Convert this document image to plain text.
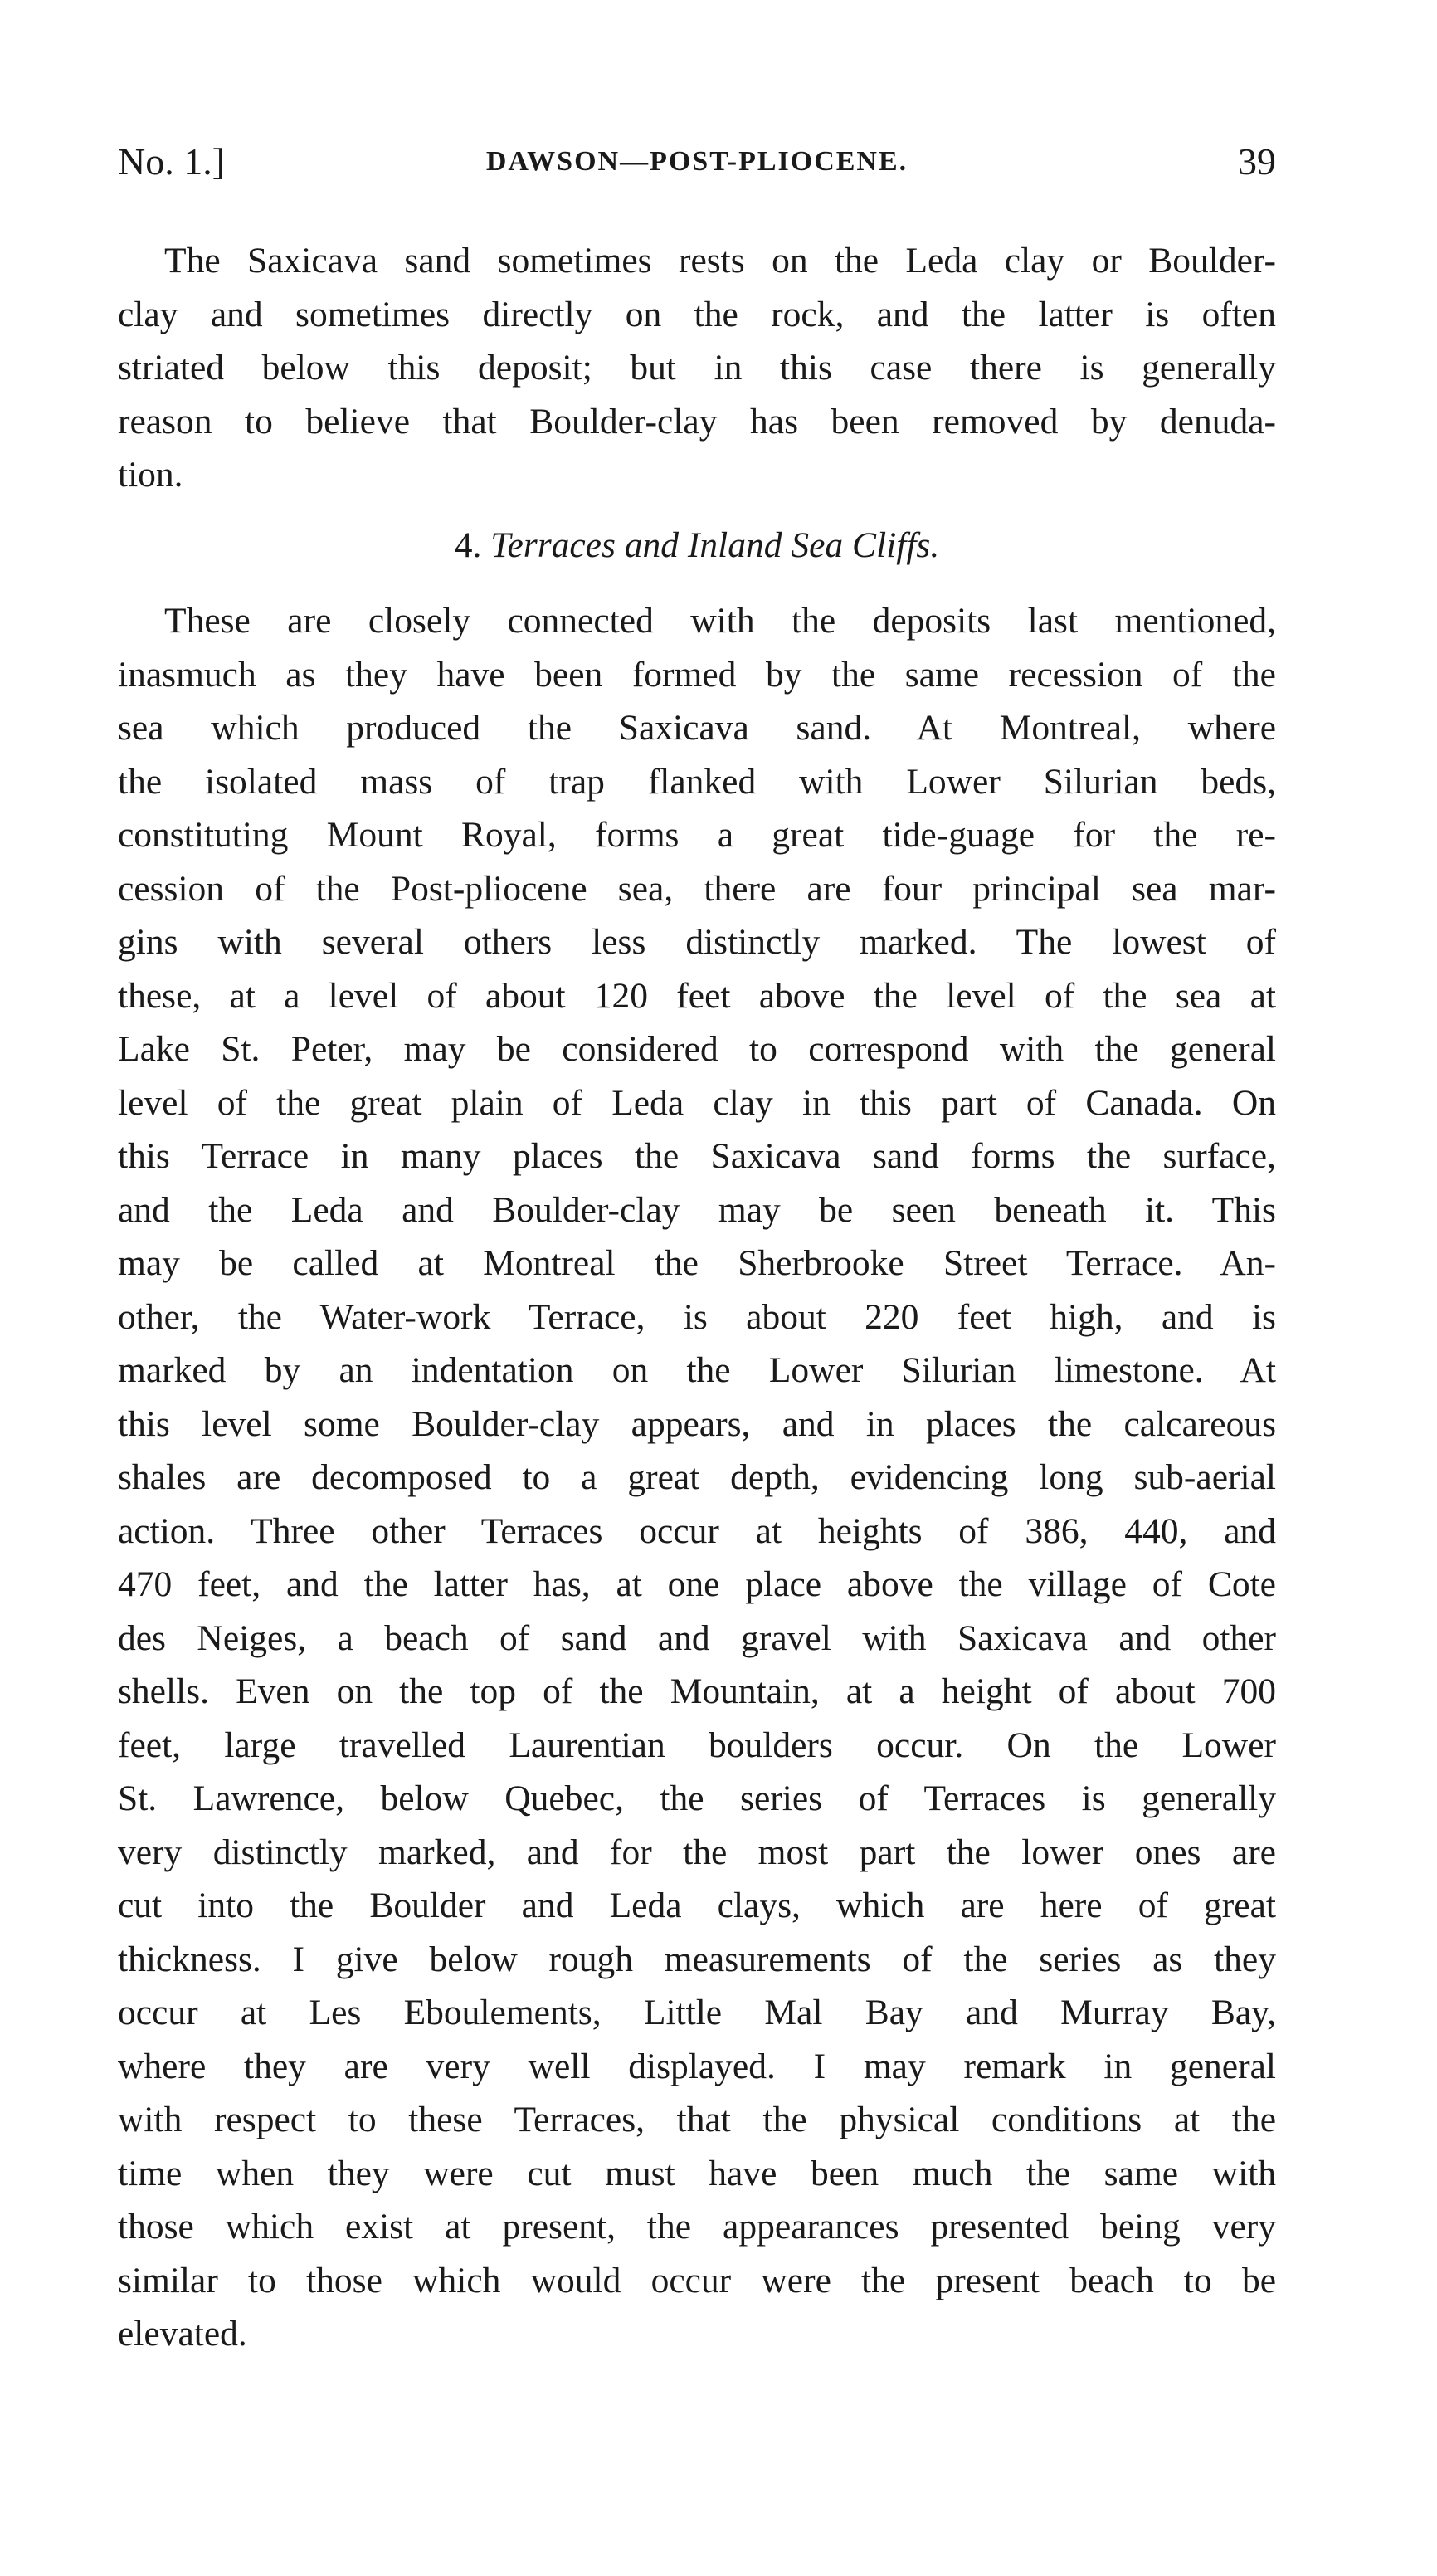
No. 1.]	DAWSON—POST-PLIOCENE.	39

The Saxicava sand sometimes rests on the Leda clay or Boulder-
clay and sometimes directly on the rock, and the latter is often
striated below this deposit; but in this case there is generally
reason to believe that Boulder-clay has been removed by denuda-
tion.

4. Terraces and Inland Sea Cliffs.

These are closely connected with the deposits last mentioned,
inasmuch as they have been formed by the same recession of the
sea which produced the Saxicava sand. At Montreal, where
the isolated mass of trap flanked with Lower Silurian beds,
constituting Mount Royal, forms a great tide-guage for the re-
cession of the Post-pliocene sea, there are four principal sea mar-
gins with several others less distinctly marked. The lowest of
these, at a level of about 120 feet above the level of the sea at
Lake St. Peter, may be considered to correspond with the general
level of the great plain of Leda clay in this part of Canada. On
this Terrace in many places the Saxicava sand forms the surface,
and the Leda and Boulder-clay may be seen beneath it. This
may be called at Montreal the Sherbrooke Street Terrace. An-
other, the Water-work Terrace, is about 220 feet high, and is
marked by an indentation on the Lower Silurian limestone. At
this level some Boulder-clay appears, and in places the calcareous
shales are decomposed to a great depth, evidencing long sub-aerial
action. Three other Terraces occur at heights of 386, 440, and
470 feet, and the latter has, at one place above the village of Cote
des Neiges, a beach of sand and gravel with Saxicava and other
shells. Even on the top of the Mountain, at a height of about 700
feet, large travelled Laurentian boulders occur. On the Lower
St. Lawrence, below Quebec, the series of Terraces is generally
very distinctly marked, and for the most part the lower ones are
cut into the Boulder and Leda clays, which are here of great
thickness. I give below rough measurements of the series as they
occur at Les Eboulements, Little Mal Bay and Murray Bay,
where they are very well displayed. I may remark in general
with respect to these Terraces, that the physical conditions at the
time when they were cut must have been much the same with
those which exist at present, the appearances presented being very
similar to those which would occur were the present beach to be
elevated.
